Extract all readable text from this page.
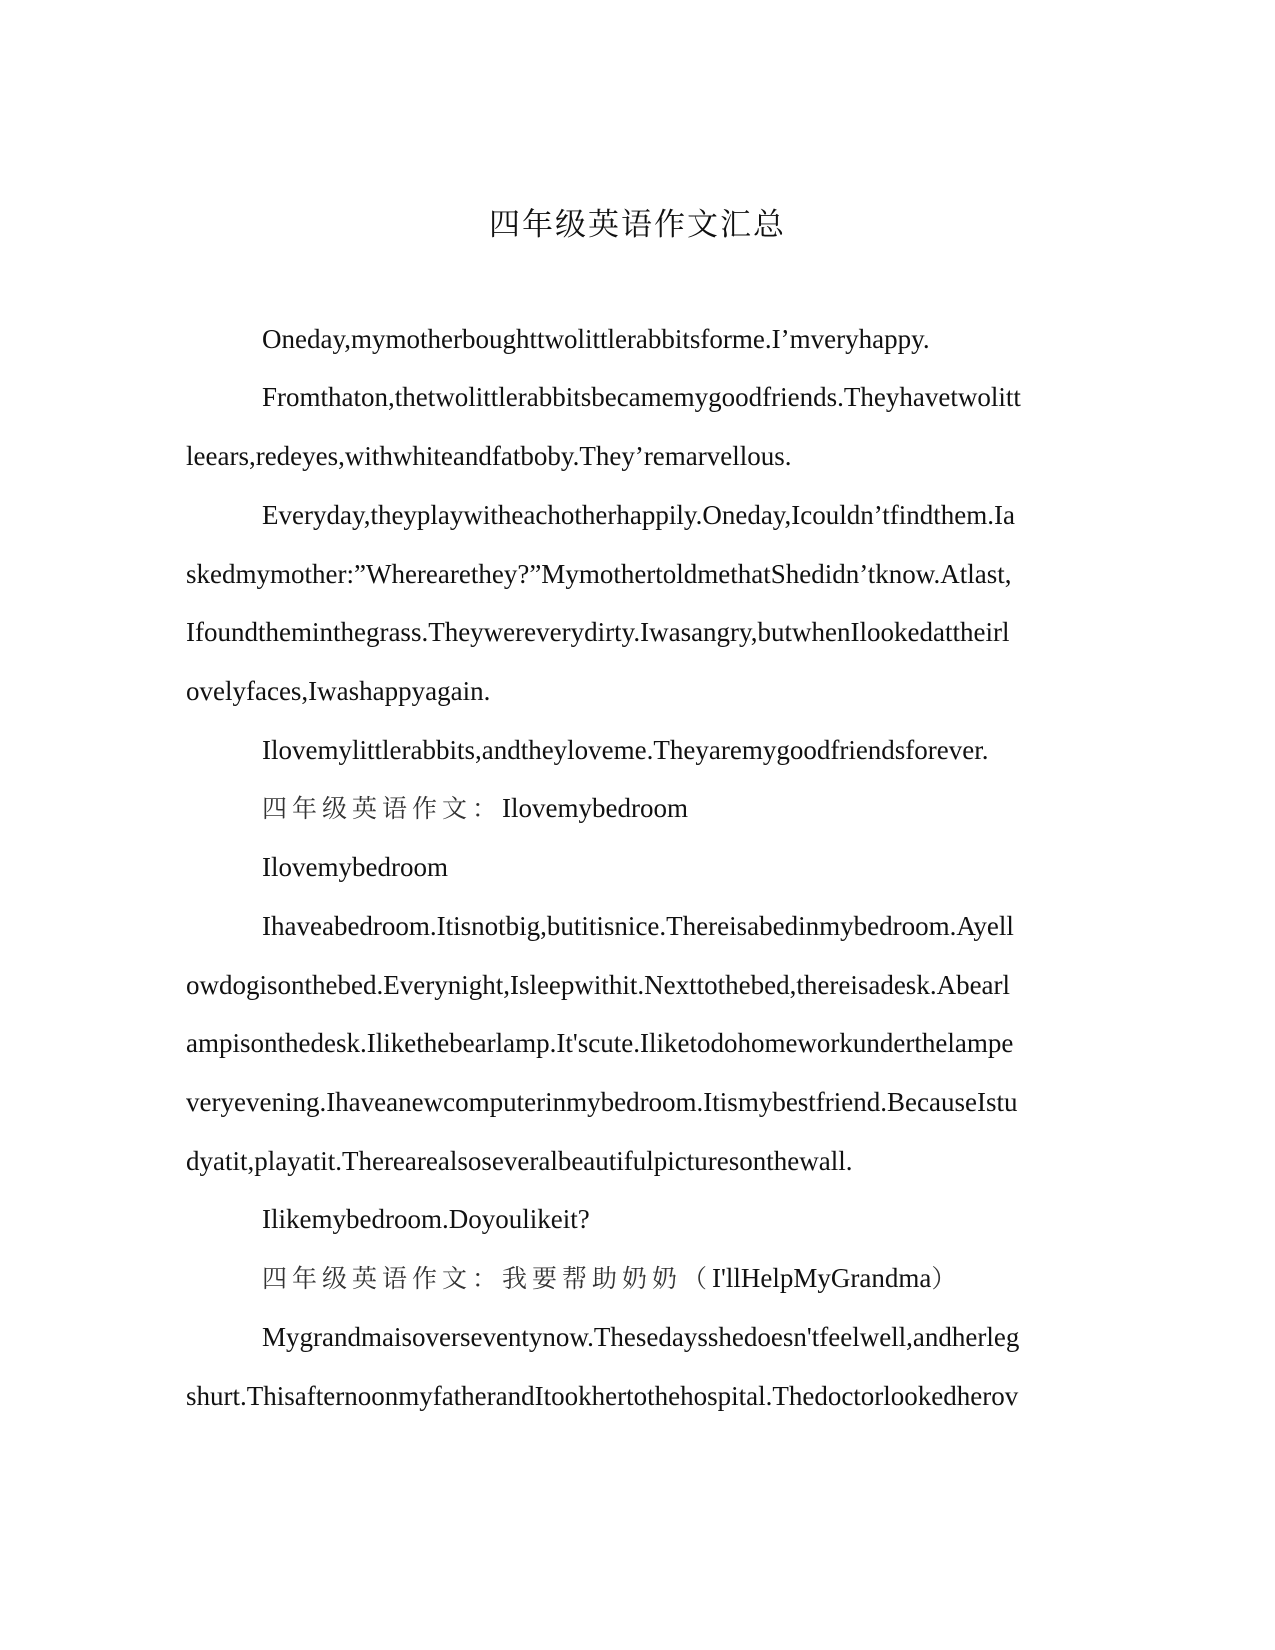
四年级英语作文汇总
Oneday,mymotherboughttwolittlerabbitsforme.I’mveryhappy.
Fromthaton,thetwolittlerabbitsbecamemygoodfriends.Theyhavetwolitt
leears,redeyes,withwhiteandfatboby.They’remarvellous.
Everyday,theyplaywitheachotherhappily.Oneday,Icouldn’tfindthem.Ia
skedmymother:”Wherearethey?”MymothertoldmethatShedidn’tknow.Atlast,
Ifoundtheminthegrass.Theywereverydirty.Iwasangry,butwhenIlookedattheirl
ovelyfaces,Iwashappyagain.
Ilovemylittlerabbits,andtheyloveme.Theyaremygoodfriendsforever.
四年级英语作文：Ilovemybedroom
Ilovemybedroom
Ihaveabedroom.Itisnotbig,butitisnice.Thereisabedinmybedroom.Ayell
owdogisonthebed.Everynight,Isleepwithit.Nexttothebed,thereisadesk.Abearl
ampisonthedesk.Ilikethebearlamp.It'scute.Iliketodohomeworkunderthelampe
veryevening.Ihaveanewcomputerinmybedroom.Itismybestfriend.BecauseIstu
dyatit,playatit.Therearealsoseveralbeautifulpicturesonthewall.
Ilikemybedroom.Doyoulikeit?
四年级英语作文：我要帮助奶奶（I'llHelpMyGrandma）
Mygrandmaisoverseventynow.Thesedaysshedoesn'tfeelwell,andherleg
shurt.ThisafternoonmyfatherandItookhertothehospital.Thedoctorlookedherov
